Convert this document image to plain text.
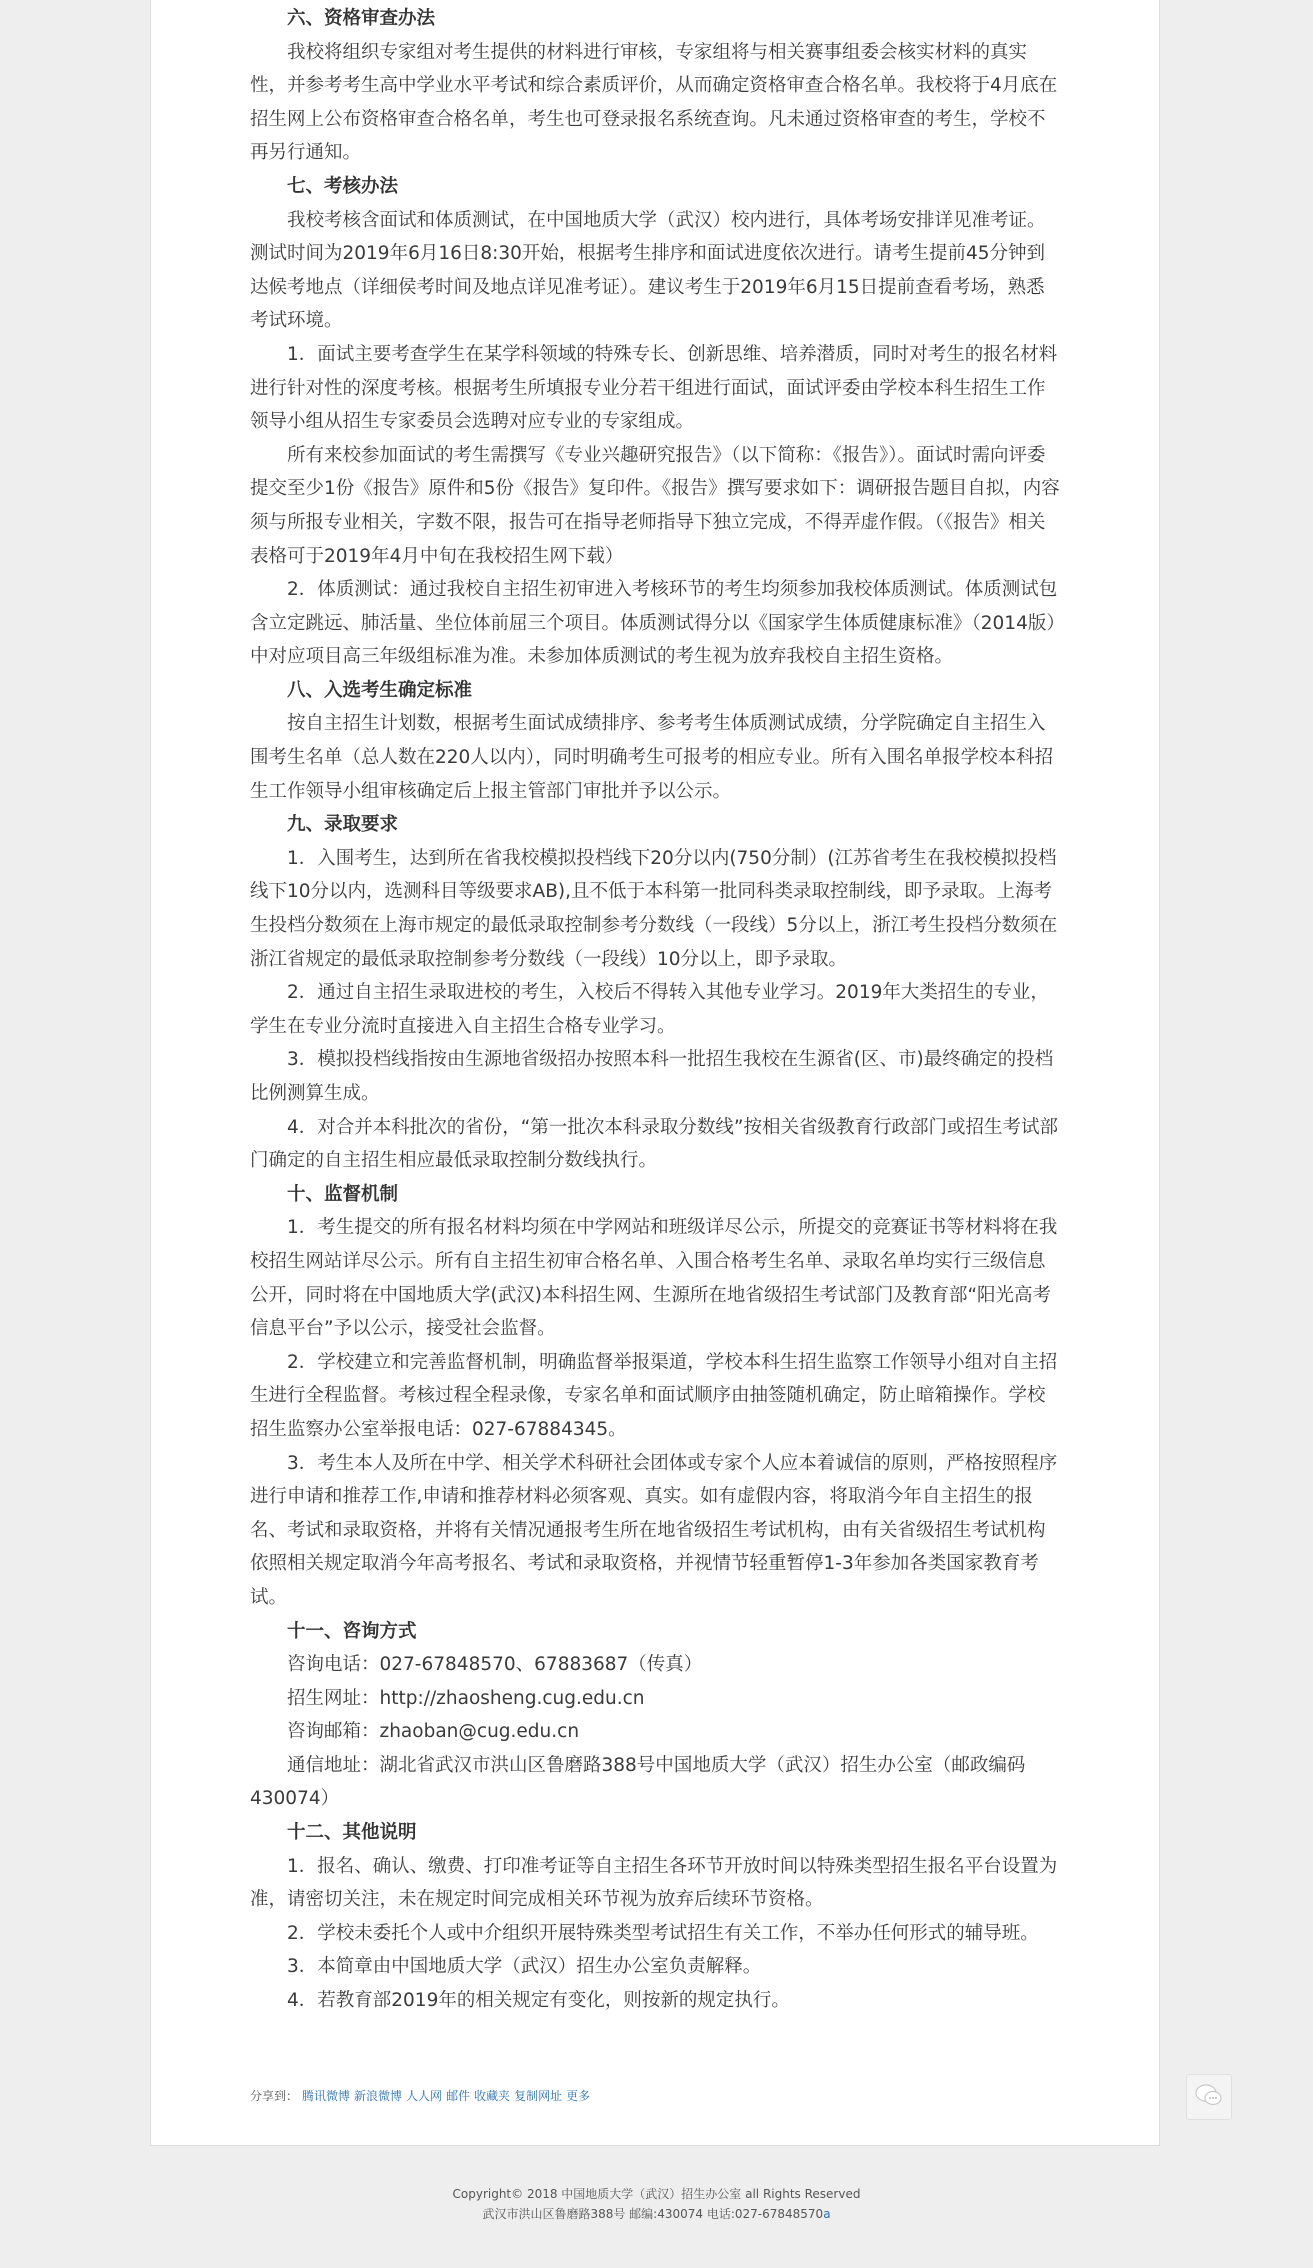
六、资格审查办法

我校将组织专家组对考生提供的材料进行审核，专家组将与相关赛事组委会核实材料的真实性，并参考考生高中学业水平考试和综合素质评价，从而确定资格审查合格名单。我校将于4月底在招生网上公布资格审查合格名单，考生也可登录报名系统查询。凡未通过资格审查的考生，学校不再另行通知。

七、考核办法

我校考核含面试和体质测试，在中国地质大学（武汉）校内进行，具体考场安排详见准考证。测试时间为2019年6月16日8:30开始，根据考生排序和面试进度依次进行。请考生提前45分钟到达候考地点（详细侯考时间及地点详见准考证）。建议考生于2019年6月15日提前查看考场，熟悉考试环境。

1．面试主要考查学生在某学科领域的特殊专长、创新思维、培养潜质，同时对考生的报名材料进行针对性的深度考核。根据考生所填报专业分若干组进行面试，面试评委由学校本科生招生工作领导小组从招生专家委员会选聘对应专业的专家组成。

所有来校参加面试的考生需撰写《专业兴趣研究报告》（以下简称：《报告》）。面试时需向评委提交至少1份《报告》原件和5份《报告》复印件。《报告》撰写要求如下：调研报告题目自拟，内容须与所报专业相关，字数不限，报告可在指导老师指导下独立完成，不得弄虚作假。（《报告》相关表格可于2019年4月中旬在我校招生网下载）

2．体质测试：通过我校自主招生初审进入考核环节的考生均须参加我校体质测试。体质测试包含立定跳远、肺活量、坐位体前屈三个项目。体质测试得分以《国家学生体质健康标准》（2014版）中对应项目高三年级组标准为准。未参加体质测试的考生视为放弃我校自主招生资格。

八、入选考生确定标准

按自主招生计划数，根据考生面试成绩排序、参考考生体质测试成绩，分学院确定自主招生入围考生名单（总人数在220人以内），同时明确考生可报考的相应专业。所有入围名单报学校本科招生工作领导小组审核确定后上报主管部门审批并予以公示。

九、录取要求

1．入围考生，达到所在省我校模拟投档线下20分以内(750分制）(江苏省考生在我校模拟投档线下10分以内，选测科目等级要求AB),且不低于本科第一批同科类录取控制线，即予录取。上海考生投档分数须在上海市规定的最低录取控制参考分数线（一段线）5分以上，浙江考生投档分数须在浙江省规定的最低录取控制参考分数线（一段线）10分以上，即予录取。

2．通过自主招生录取进校的考生，入校后不得转入其他专业学习。2019年大类招生的专业，学生在专业分流时直接进入自主招生合格专业学习。

3．模拟投档线指按由生源地省级招办按照本科一批招生我校在生源省(区、市)最终确定的投档比例测算生成。

4．对合并本科批次的省份，“第一批次本科录取分数线”按相关省级教育行政部门或招生考试部门确定的自主招生相应最低录取控制分数线执行。

十、监督机制

1．考生提交的所有报名材料均须在中学网站和班级详尽公示，所提交的竞赛证书等材料将在我校招生网站详尽公示。所有自主招生初审合格名单、入围合格考生名单、录取名单均实行三级信息公开，同时将在中国地质大学(武汉)本科招生网、生源所在地省级招生考试部门及教育部“阳光高考信息平台”予以公示，接受社会监督。

2．学校建立和完善监督机制，明确监督举报渠道，学校本科生招生监察工作领导小组对自主招生进行全程监督。考核过程全程录像，专家名单和面试顺序由抽签随机确定，防止暗箱操作。学校招生监察办公室举报电话：027-67884345。

3．考生本人及所在中学、相关学术科研社会团体或专家个人应本着诚信的原则，严格按照程序进行申请和推荐工作,申请和推荐材料必须客观、真实。如有虚假内容，将取消今年自主招生的报名、考试和录取资格，并将有关情况通报考生所在地省级招生考试机构，由有关省级招生考试机构依照相关规定取消今年高考报名、考试和录取资格，并视情节轻重暂停1-3年参加各类国家教育考试。

十一、咨询方式

咨询电话：027-67848570、67883687（传真）

招生网址：http://zhaosheng.cug.edu.cn

咨询邮箱：zhaoban@cug.edu.cn

通信地址：湖北省武汉市洪山区鲁磨路388号中国地质大学（武汉）招生办公室（邮政编码430074）

十二、其他说明

1．报名、确认、缴费、打印准考证等自主招生各环节开放时间以特殊类型招生报名平台设置为准，请密切关注，未在规定时间完成相关环节视为放弃后续环节资格。

2．学校未委托个人或中介组织开展特殊类型考试招生有关工作，不举办任何形式的辅导班。

3．本简章由中国地质大学（武汉）招生办公室负责解释。

4．若教育部2019年的相关规定有变化，则按新的规定执行。

分享到： 腾讯微博 新浪微博 人人网 邮件 收藏夹 复制网址 更多
Copyright© 2018 中国地质大学（武汉）招生办公室 all Rights Reserved
武汉市洪山区鲁磨路388号 邮编:430074 电话:027-67848570a
